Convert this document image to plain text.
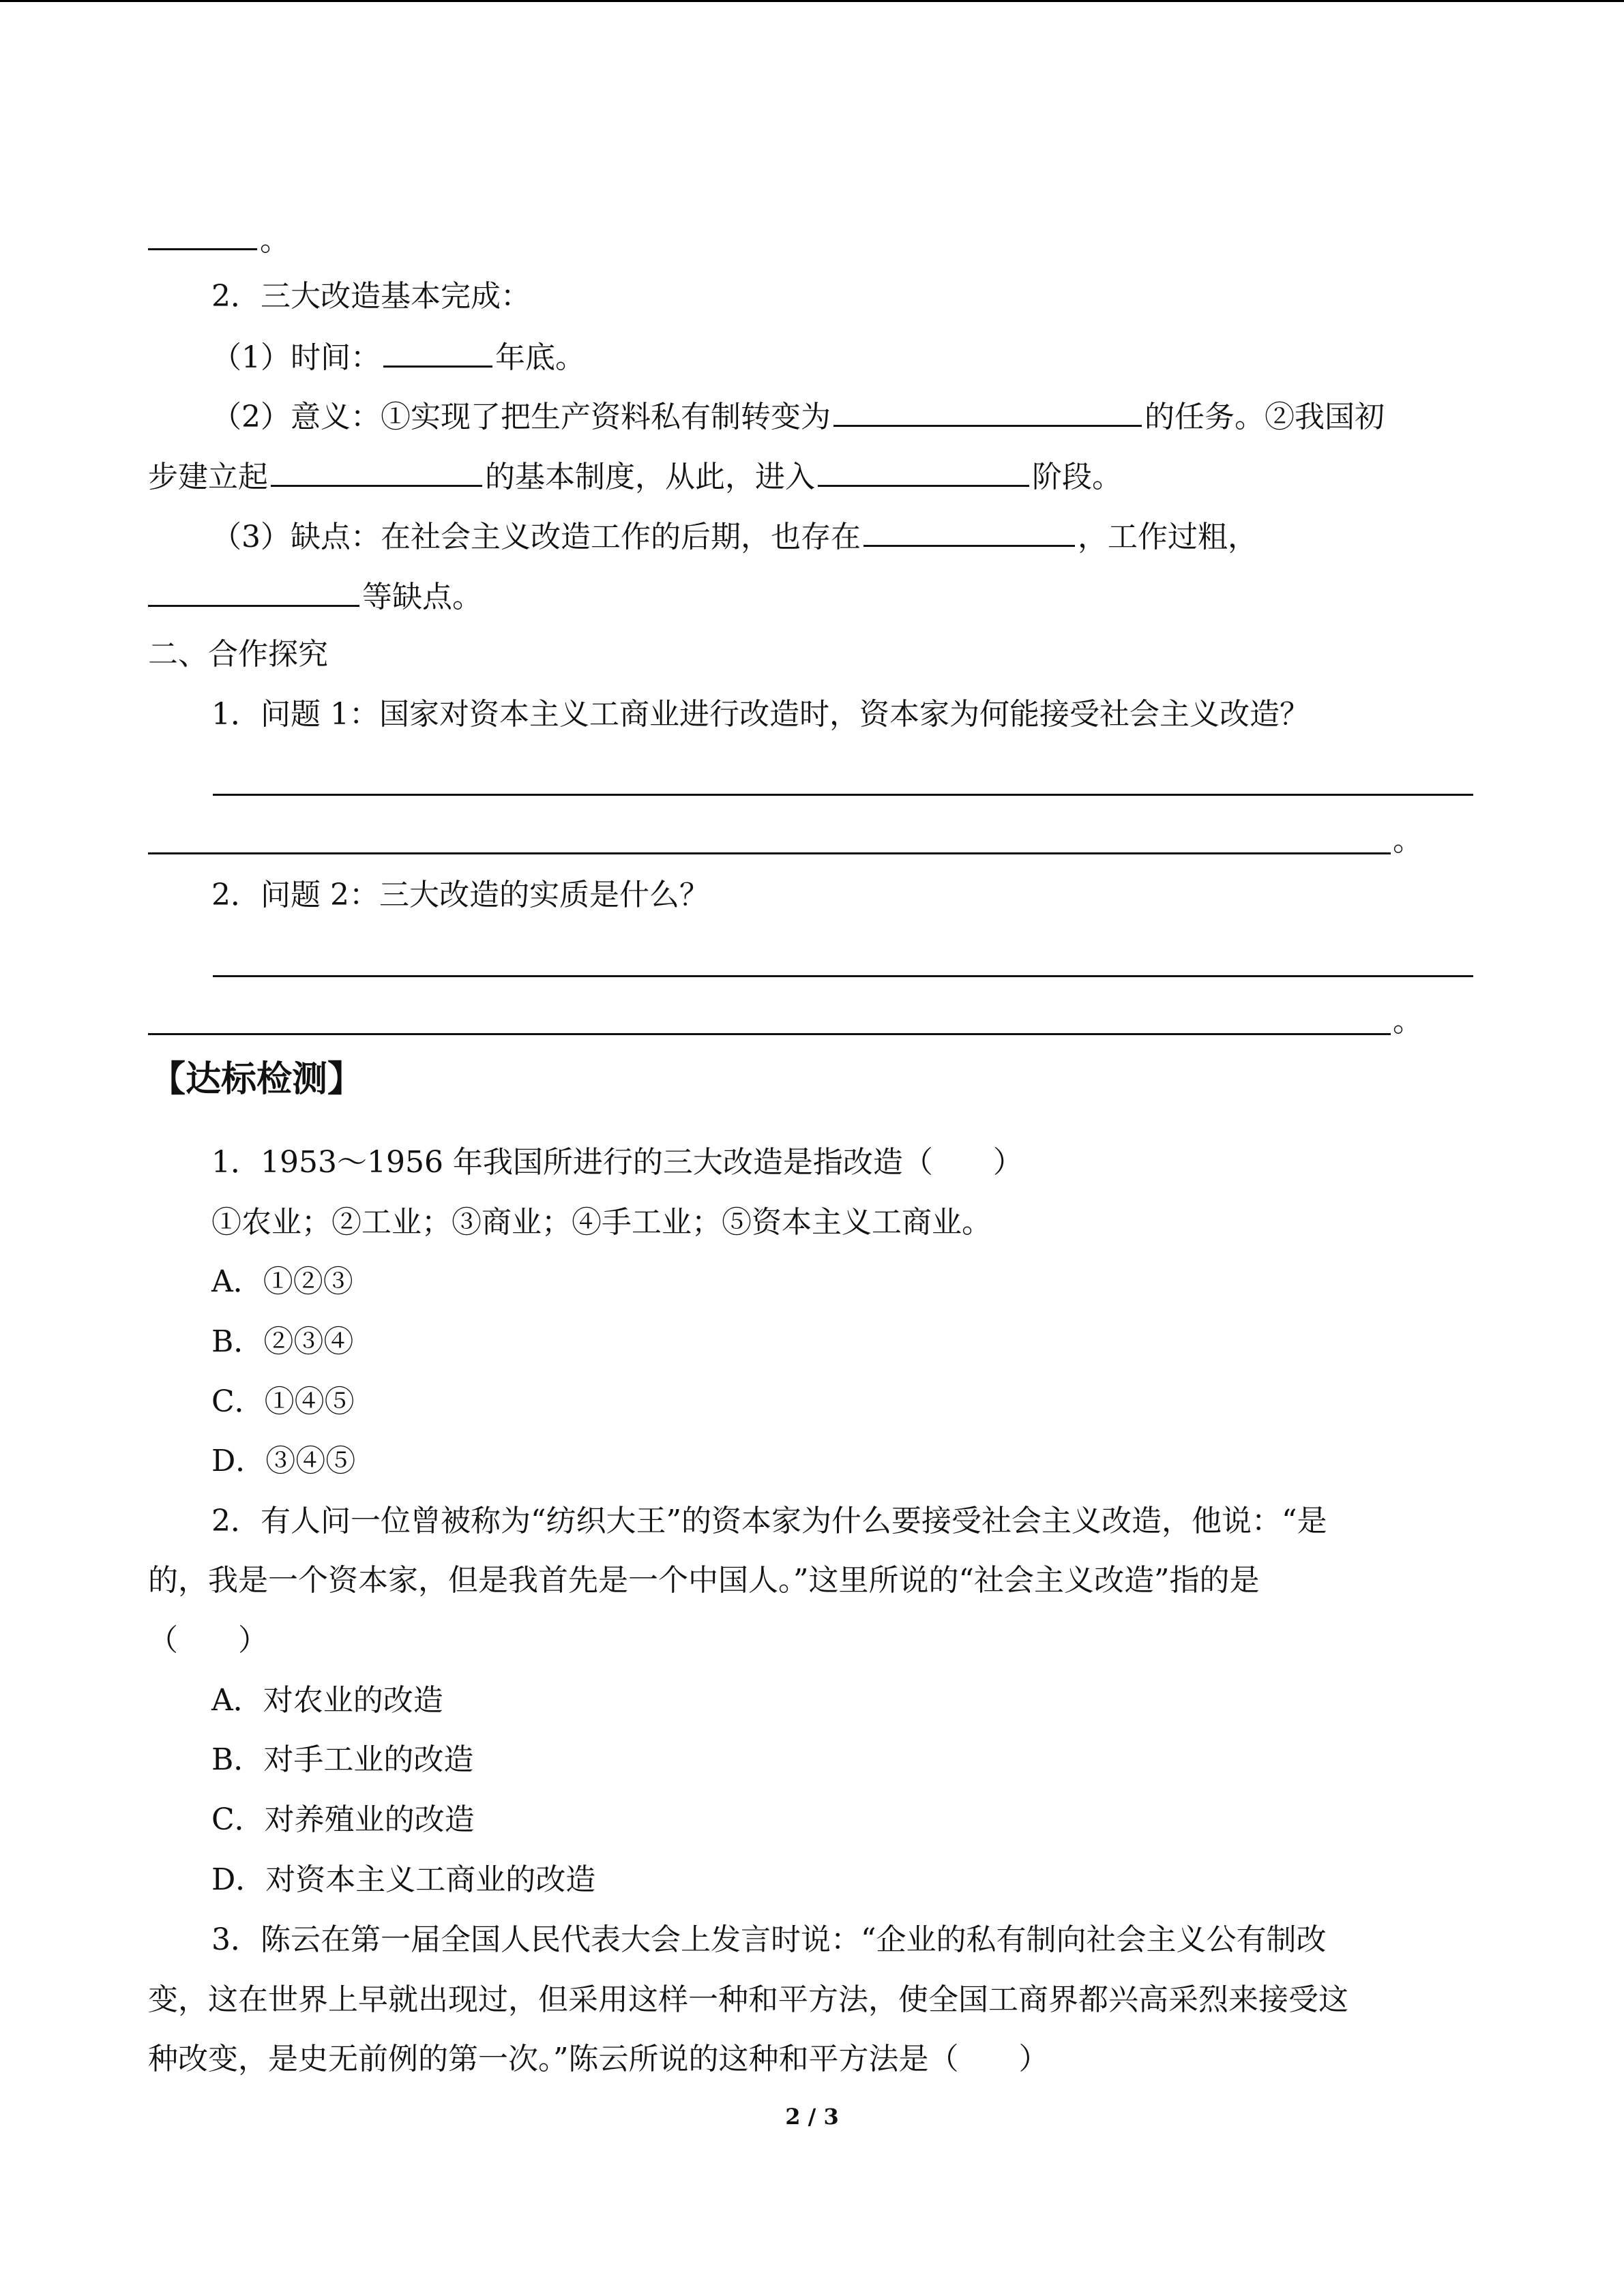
。
2．三大改造基本完成：
（1）时间：	年底。
（2）意义：①实现了把生产资料私有制转变为	的任务。②我国初
步建立起	的基本制度，从此，进入	阶段。
（3）缺点：在社会主义改造工作的后期，也存在	，工作过粗，
等缺点。
二、合作探究
1．问题 1：国家对资本主义工商业进行改造时，资本家为何能接受社会主义改造？
。
2．问题 2：三大改造的实质是什么？
。
【达标检测】
1．1953～1956 年我国所进行的三大改造是指改造（　　）
①农业；②工业；③商业；④手工业；⑤资本主义工商业。
A．①②③
B．②③④
C．①④⑤
D．③④⑤
2．有人问一位曾被称为“纺织大王”的资本家为什么要接受社会主义改造，他说：“是
的，我是一个资本家，但是我首先是一个中国人。”这里所说的“社会主义改造”指的是
（　　）
A．对农业的改造
B．对手工业的改造
C．对养殖业的改造
D．对资本主义工商业的改造
3．陈云在第一届全国人民代表大会上发言时说：“企业的私有制向社会主义公有制改
变，这在世界上早就出现过，但采用这样一种和平方法，使全国工商界都兴高采烈来接受这
种改变，是史无前例的第一次。”陈云所说的这种和平方法是（　　）
2 / 3
